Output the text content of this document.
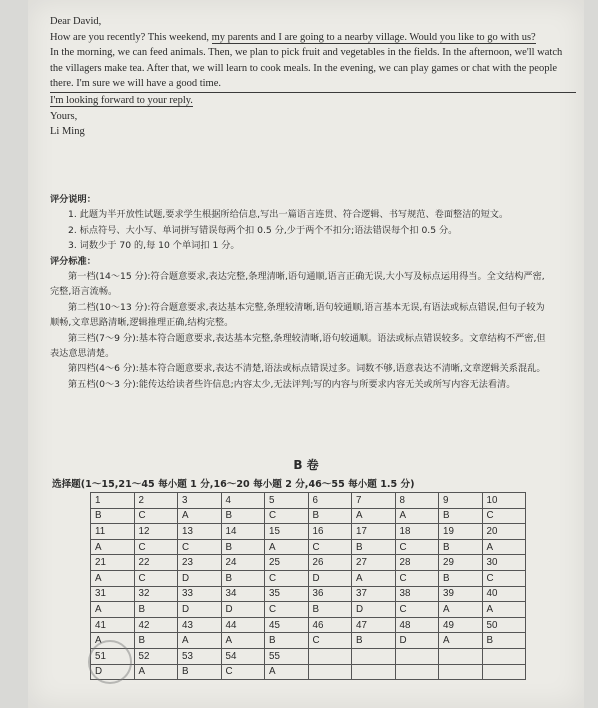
Dear David,

How are you recently? This weekend, my parents and I are going to a nearby village. Would you like to go with us?

In the morning, we can feed animals. Then, we plan to pick fruit and vegetables in the fields. In the afternoon, we'll watch the villagers make tea. After that, we will learn to cook meals. In the evening, we can play games or chat with the people there. I'm sure we will have a good time.

I'm looking forward to your reply.

Yours,

Li Ming

评分说明：

1. 此题为半开放性试题,要求学生根据所给信息,写出一篇语言连贯、符合逻辑、书写规范、卷面整洁的短文。

2. 标点符号、大小写、单词拼写错误每两个扣 0.5 分,少于两个不扣分;语法错误每个扣 0.5 分。

3. 词数少于 70 的,每 10 个单词扣 1 分。

评分标准：

第一档(14～15 分):符合题意要求,表达完整,条理清晰,语句通顺,语言正确无误,大小写及标点运用得当。全文结构严密,完整,语言流畅。

第二档(10～13 分):符合题意要求,表达基本完整,条理较清晰,语句较通顺,语言基本无误,有语法或标点错误,但句子较为顺畅,文章思路清晰,逻辑推理正确,结构完整。

第三档(7～9 分):基本符合题意要求,表达基本完整,条理较清晰,语句较通顺。语法或标点错误较多。文章结构不严密,但表达意思清楚。

第四档(4～6 分):基本符合题意要求,表达不清楚,语法或标点错误过多。词数不够,语意表达不清晰,文章逻辑关系混乱。

第五档(0～3 分):能传达给读者些许信息;内容太少,无法评判;写的内容与所要求内容无关或所写内容无法看清。

B 卷
选择题(1～15,21～45 每小题 1 分,16～20 每小题 2 分,46～55 每小题 1.5 分)
1	2	3	4	5	6	7	8	9	10
B	C	A	B	C	B	A	A	B	C
11	12	13	14	15	16	17	18	19	20
A	C	C	B	A	C	B	C	B	A
21	22	23	24	25	26	27	28	29	30
A	C	D	B	C	D	A	C	B	C
31	32	33	34	35	36	37	38	39	40
A	B	D	D	C	B	D	C	A	A
41	42	43	44	45	46	47	48	49	50
A	B	A	A	B	C	B	D	A	B
51	52	53	54	55					
D	A	B	C	A					
